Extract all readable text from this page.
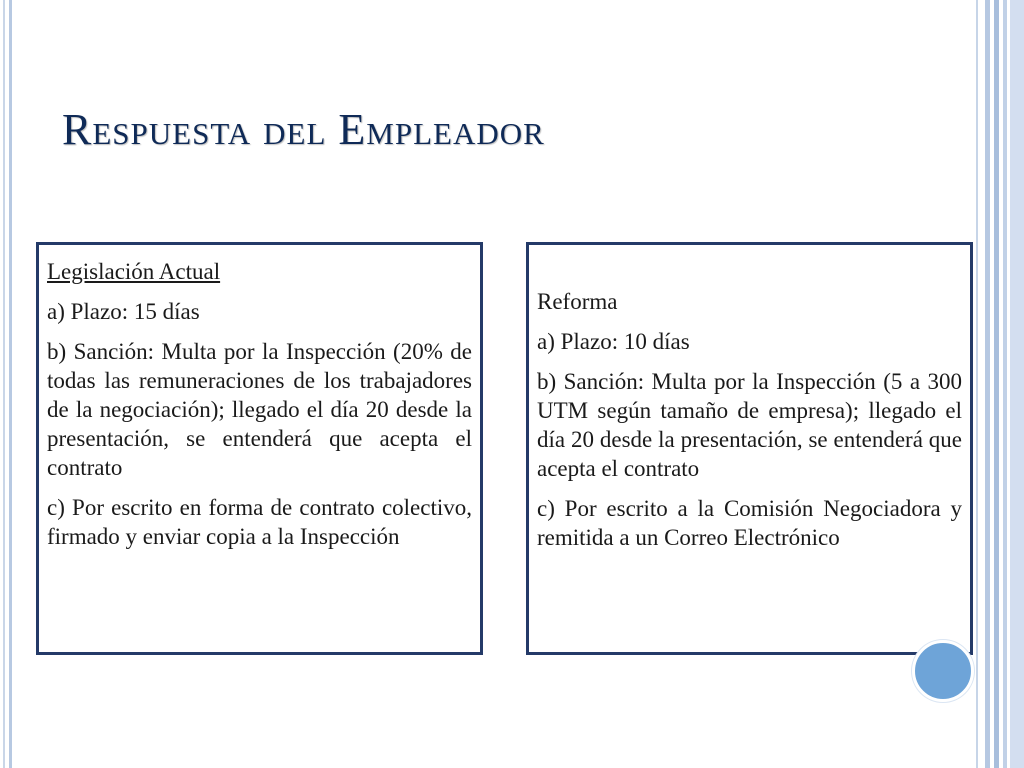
Respuesta del Empleador

Legislación Actual

a) Plazo: 15 días

b) Sanción: Multa por la Inspección (20% de todas las remuneraciones de los trabajadores de la negociación); llegado el día 20 desde la presentación, se entenderá que acepta el contrato

c) Por escrito en forma de contrato colectivo, firmado y enviar copia a la Inspección

Reforma

a) Plazo: 10 días

b) Sanción: Multa por la Inspección (5 a 300 UTM según tamaño de empresa); llegado el día 20 desde la presentación, se entenderá que acepta el contrato

c) Por escrito a la Comisión Negociadora y remitida a un Correo Electrónico
